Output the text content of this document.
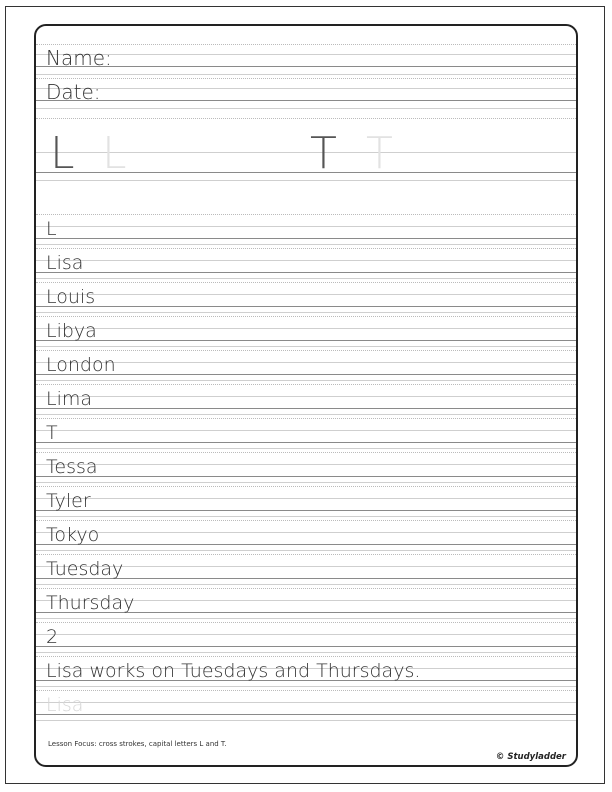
Name:
Date:
L L	T T
L
Lisa
Louis
Libya
London
Lima
T
Tessa
Tyler
Tokyo
Tuesday
Thursday
2
Lisa works on Tuesdays and Thursdays.
Lisa
Lesson Focus: cross strokes, capital letters L and T.
© Studyladder
